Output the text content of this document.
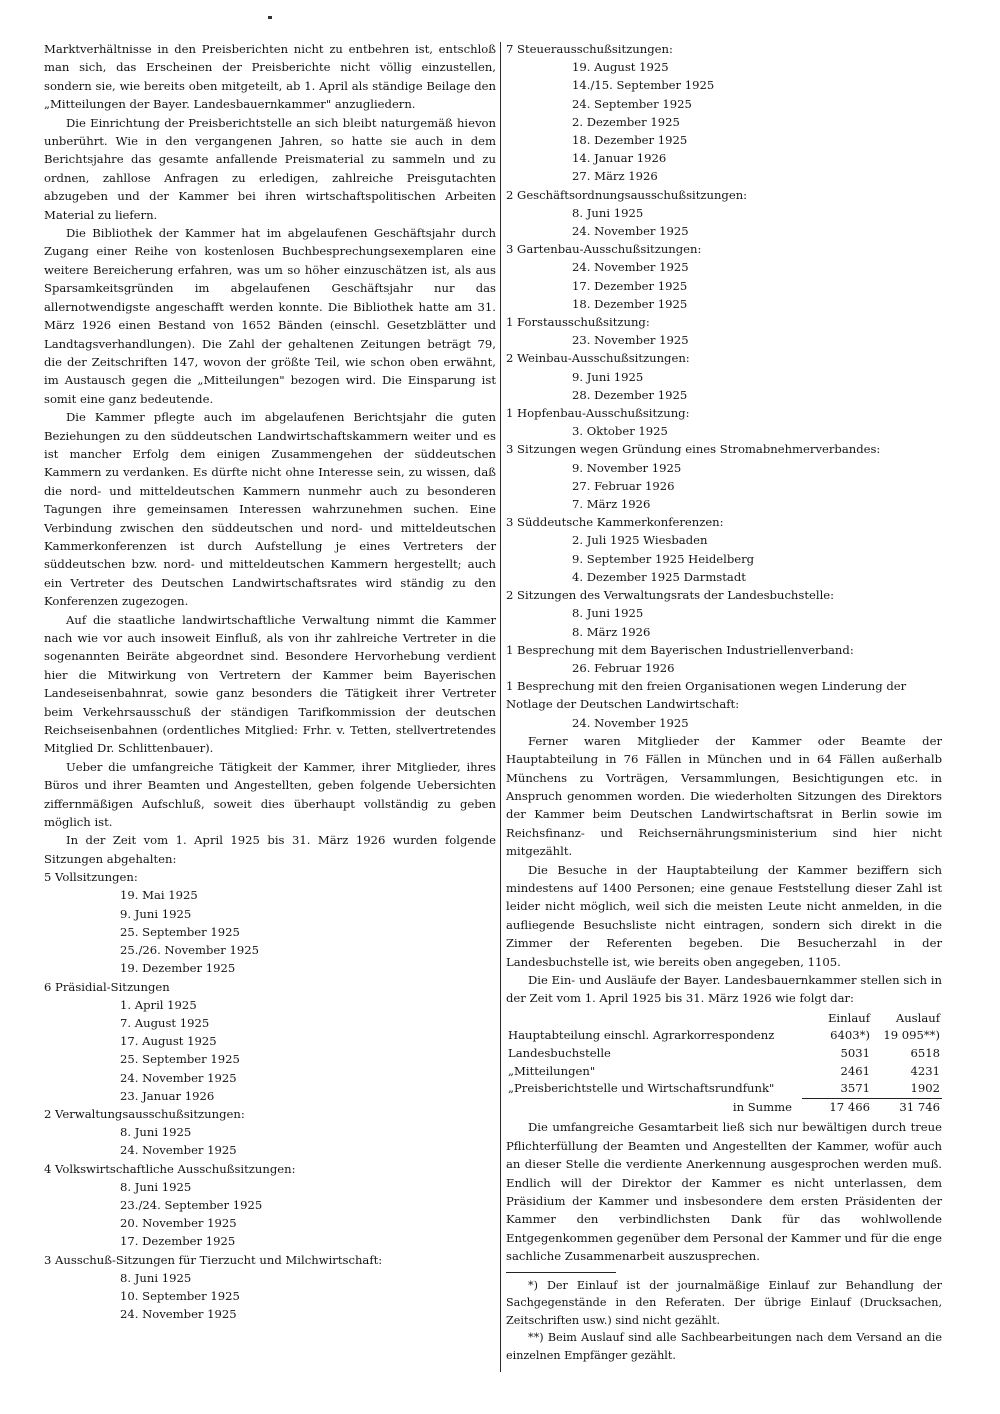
Marktverhältnisse in den Preisberichten nicht zu entbehren ist, entschloß man sich, das Erscheinen der Preisberichte nicht völlig einzustellen, sondern sie, wie bereits oben mitgeteilt, ab 1. April als ständige Beilage den „Mitteilungen der Bayer. Landesbauernkammer" anzugliedern.

Die Einrichtung der Preisberichtstelle an sich bleibt naturgemäß hievon unberührt. Wie in den vergangenen Jahren, so hatte sie auch in dem Berichtsjahre das gesamte anfallende Preismaterial zu sammeln und zu ordnen, zahllose Anfragen zu erledigen, zahlreiche Preisgutachten abzugeben und der Kammer bei ihren wirtschaftspolitischen Arbeiten Material zu liefern.

Die Bibliothek der Kammer hat im abgelaufenen Geschäftsjahr durch Zugang einer Reihe von kostenlosen Buchbesprechungsexemplaren eine weitere Bereicherung erfahren, was um so höher einzuschätzen ist, als aus Sparsamkeitsgründen im abgelaufenen Geschäftsjahr nur das allernotwendigste angeschafft werden konnte. Die Bibliothek hatte am 31. März 1926 einen Bestand von 1652 Bänden (einschl. Gesetzblätter und Landtagsverhandlungen). Die Zahl der gehaltenen Zeitungen beträgt 79, die der Zeitschriften 147, wovon der größte Teil, wie schon oben erwähnt, im Austausch gegen die „Mitteilungen" bezogen wird. Die Einsparung ist somit eine ganz bedeutende.

Die Kammer pflegte auch im abgelaufenen Berichtsjahr die guten Beziehungen zu den süddeutschen Landwirtschaftskammern weiter und es ist mancher Erfolg dem einigen Zusammengehen der süddeutschen Kammern zu verdanken. Es dürfte nicht ohne Interesse sein, zu wissen, daß die nord- und mitteldeutschen Kammern nunmehr auch zu besonderen Tagungen ihre gemeinsamen Interessen wahrzunehmen suchen. Eine Verbindung zwischen den süddeutschen und nord- und mitteldeutschen Kammerkonferenzen ist durch Aufstellung je eines Vertreters der süddeutschen bzw. nord- und mitteldeutschen Kammern hergestellt; auch ein Vertreter des Deutschen Landwirtschaftsrates wird ständig zu den Konferenzen zugezogen.

Auf die staatliche landwirtschaftliche Verwaltung nimmt die Kammer nach wie vor auch insoweit Einfluß, als von ihr zahlreiche Vertreter in die sogenannten Beiräte abgeordnet sind. Besondere Hervorhebung verdient hier die Mitwirkung von Vertretern der Kammer beim Bayerischen Landeseisenbahnrat, sowie ganz besonders die Tätigkeit ihrer Vertreter beim Verkehrsausschuß der ständigen Tarifkommission der deutschen Reichseisenbahnen (ordentliches Mitglied: Frhr. v. Tetten, stellvertretendes Mitglied Dr. Schlittenbauer).

Ueber die umfangreiche Tätigkeit der Kammer, ihrer Mitglieder, ihres Büros und ihrer Beamten und Angestellten, geben folgende Uebersichten ziffernmäßigen Aufschluß, soweit dies überhaupt vollständig zu geben möglich ist.

In der Zeit vom 1. April 1925 bis 31. März 1926 wurden folgende Sitzungen abgehalten:

5 Vollsitzungen:
19. Mai 1925
9. Juni 1925
25. September 1925
25./26. November 1925
19. Dezember 1925
6 Präsidial-Sitzungen
1. April 1925
7. August 1925
17. August 1925
25. September 1925
24. November 1925
23. Januar 1926
2 Verwaltungsausschußsitzungen:
8. Juni 1925
24. November 1925
4 Volkswirtschaftliche Ausschußsitzungen:
8. Juni 1925
23./24. September 1925
20. November 1925
17. Dezember 1925
3 Ausschuß-Sitzungen für Tierzucht und Milchwirtschaft:
8. Juni 1925
10. September 1925
24. November 1925
7 Steuerausschußsitzungen:
19. August 1925
14./15. September 1925
24. September 1925
2. Dezember 1925
18. Dezember 1925
14. Januar 1926
27. März 1926
2 Geschäftsordnungsausschußsitzungen:
8. Juni 1925
24. November 1925
3 Gartenbau-Ausschußsitzungen:
24. November 1925
17. Dezember 1925
18. Dezember 1925
1 Forstausschußsitzung:
23. November 1925
2 Weinbau-Ausschußsitzungen:
9. Juni 1925
28. Dezember 1925
1 Hopfenbau-Ausschußsitzung:
3. Oktober 1925
3 Sitzungen wegen Gründung eines Stromabnehmerverbandes:
9. November 1925
27. Februar 1926
7. März 1926
3 Süddeutsche Kammerkonferenzen:
2. Juli 1925 Wiesbaden
9. September 1925 Heidelberg
4. Dezember 1925 Darmstadt
2 Sitzungen des Verwaltungsrats der Landesbuchstelle:
8. Juni 1925
8. März 1926
1 Besprechung mit dem Bayerischen Industriellenverband:
26. Februar 1926
1 Besprechung mit den freien Organisationen wegen Linderung der Notlage der Deutschen Landwirtschaft:
24. November 1925

Ferner waren Mitglieder der Kammer oder Beamte der Hauptabteilung in 76 Fällen in München und in 64 Fällen außerhalb Münchens zu Vorträgen, Versammlungen, Besichtigungen etc. in Anspruch genommen worden. Die wiederholten Sitzungen des Direktors der Kammer beim Deutschen Landwirtschaftsrat in Berlin sowie im Reichsfinanz- und Reichsernährungsministerium sind hier nicht mitgezählt.

Die Besuche in der Hauptabteilung der Kammer beziffern sich mindestens auf 1400 Personen; eine genaue Feststellung dieser Zahl ist leider nicht möglich, weil sich die meisten Leute nicht anmelden, in die aufliegende Besuchsliste nicht eintragen, sondern sich direkt in die Zimmer der Referenten begeben. Die Besucherzahl in der Landesbuchstelle ist, wie bereits oben angegeben, 1105.

Die Ein- und Ausläufe der Bayer. Landesbauernkammer stellen sich in der Zeit vom 1. April 1925 bis 31. März 1926 wie folgt dar:

	Einlauf	Auslauf
Hauptabteilung einschl. Agrarkorrespondenz	6403*)	19 095**)
Landesbuchstelle	5031	6518
„Mitteilungen"	2461	4231
„Preisberichtstelle und Wirtschaftsrundfunk"	3571	1902
in Summe	17 466	31 746

Die umfangreiche Gesamtarbeit ließ sich nur bewältigen durch treue Pflichterfüllung der Beamten und Angestellten der Kammer, wofür auch an dieser Stelle die verdiente Anerkennung ausgesprochen werden muß. Endlich will der Direktor der Kammer es nicht unterlassen, dem Präsidium der Kammer und insbesondere dem ersten Präsidenten der Kammer den verbindlichsten Dank für das wohlwollende Entgegenkommen gegenüber dem Personal der Kammer und für die enge sachliche Zusammenarbeit auszusprechen.

*) Der Einlauf ist der journalmäßige Einlauf zur Behandlung der Sachgegenstände in den Referaten. Der übrige Einlauf (Drucksachen, Zeitschriften usw.) sind nicht gezählt.

**) Beim Auslauf sind alle Sachbearbeitungen nach dem Versand an die einzelnen Empfänger gezählt.
